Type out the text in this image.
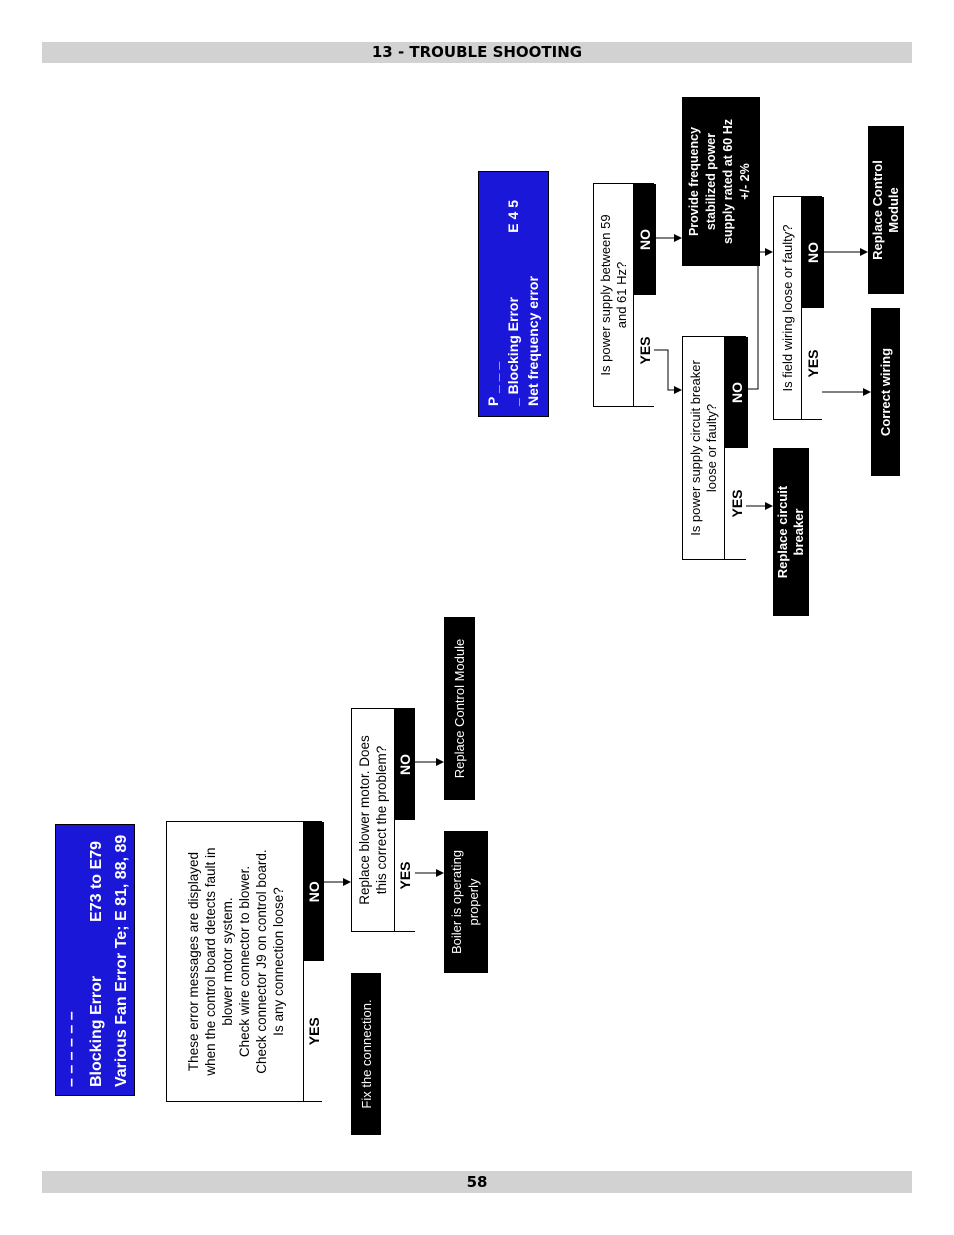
13 - TROUBLE SHOOTING
58
– – – – – – Blocking Error
E73 to E79 Various Fan Error Te; E 81, 88, 89	These error messages are displayed when the control board detects fault in blower motor system. Check wire connector to blower. Check connector J9 on control board. Is any connection loose? YES
NO
Fix the connection.
Replace blower motor. Does this correct the problem? YES
NO
Boiler is operating properly
Replace Control Module
P _ _ _ _ Blocking Error
E 4 5
Net frequency error	Is power supply between 59 and 61 Hz?
YES
NO
Provide frequency stabilized power supply rated at 60 Hz +/- 2%
Is power supply circuit breaker loose or faulty?
YES
NO
Replace circuit breaker
Is field wiring loose or faulty? YES
NO
Correct wiring
Replace Control Module
